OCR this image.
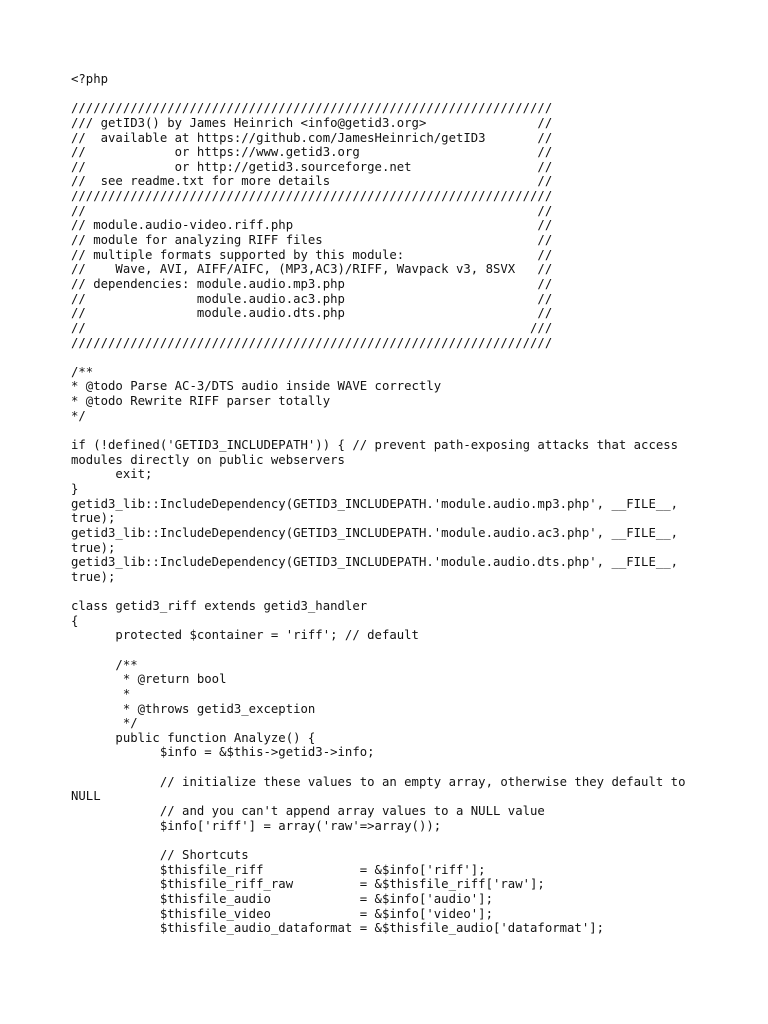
<?php
/////////////////////////////////////////////////////////////////
/// getID3() by James Heinrich <info@getid3.org>               //
//  available at https://github.com/JamesHeinrich/getID3       //
//            or https://www.getid3.org                        //
//            or http://getid3.sourceforge.net                 //
//  see readme.txt for more details                            //
/////////////////////////////////////////////////////////////////
//                                                             //
// module.audio-video.riff.php                                 //
// module for analyzing RIFF files                             //
// multiple formats supported by this module:                  //
//    Wave, AVI, AIFF/AIFC, (MP3,AC3)/RIFF, Wavpack v3, 8SVX   //
// dependencies: module.audio.mp3.php                          //
//               module.audio.ac3.php                          //
//               module.audio.dts.php                          //
//                                                            ///
/////////////////////////////////////////////////////////////////
/**
* @todo Parse AC-3/DTS audio inside WAVE correctly
* @todo Rewrite RIFF parser totally
*/
if (!defined('GETID3_INCLUDEPATH')) { // prevent path-exposing attacks that access
modules directly on public webservers
exit;
}
getid3_lib::IncludeDependency(GETID3_INCLUDEPATH.'module.audio.mp3.php', __FILE__,
true);
getid3_lib::IncludeDependency(GETID3_INCLUDEPATH.'module.audio.ac3.php', __FILE__,
true);
getid3_lib::IncludeDependency(GETID3_INCLUDEPATH.'module.audio.dts.php', __FILE__,
true);
class getid3_riff extends getid3_handler
{
protected $container = 'riff'; // default
/**
* @return bool
*
* @throws getid3_exception
*/
public function Analyze() {
$info = &$this->getid3->info;
// initialize these values to an empty array, otherwise they default to
NULL
// and you can't append array values to a NULL value
$info['riff'] = array('raw'=>array());
// Shortcuts
$thisfile_riff             = &$info['riff'];
$thisfile_riff_raw         = &$thisfile_riff['raw'];
$thisfile_audio            = &$info['audio'];
$thisfile_video            = &$info['video'];
$thisfile_audio_dataformat = &$thisfile_audio['dataformat'];
